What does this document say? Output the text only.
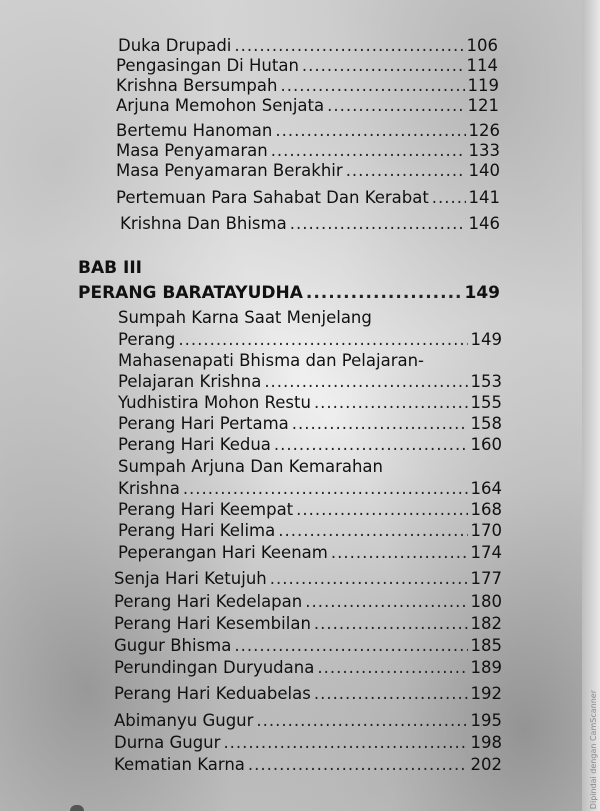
Duka Drupadi .....	106
Pengasingan Di Hutan .....	114
Krishna Bersumpah .....	119
Arjuna Memohon Senjata .....	121
Bertemu Hanoman .....	126
Masa Penyamaran .....	133
Masa Penyamaran Berakhir .....	140
Pertemuan Para Sahabat Dan Kerabat ..... 141
Krishna Dan Bhisma .....	146
BAB III
PERANG BARATAYUDHA .....	149
Sumpah Karna Saat Menjelang
Perang .....	149
Mahasenapati Bhisma dan Pelajaran-
Pelajaran Krishna .....	153
Yudhistira Mohon Restu .....	155
Perang Hari Pertama .....	158
Perang Hari Kedua .....	160
Sumpah Arjuna Dan Kemarahan
Krishna .....	164
Perang Hari Keempat .....	168
Perang Hari Kelima .....	170
Peperangan Hari Keenam .....	174
Senja Hari Ketujuh .....	177
Perang Hari Kedelapan .....	180
Perang Hari Kesembilan .....	182
Gugur Bhisma .....	185
Perundingan Duryudana .....	189
Perang Hari Keduabelas .....	192
Abimanyu Gugur .....	195
Durna Gugur .....	198
Kematian Karna .....	202	Dipindai dengan CamScanner
